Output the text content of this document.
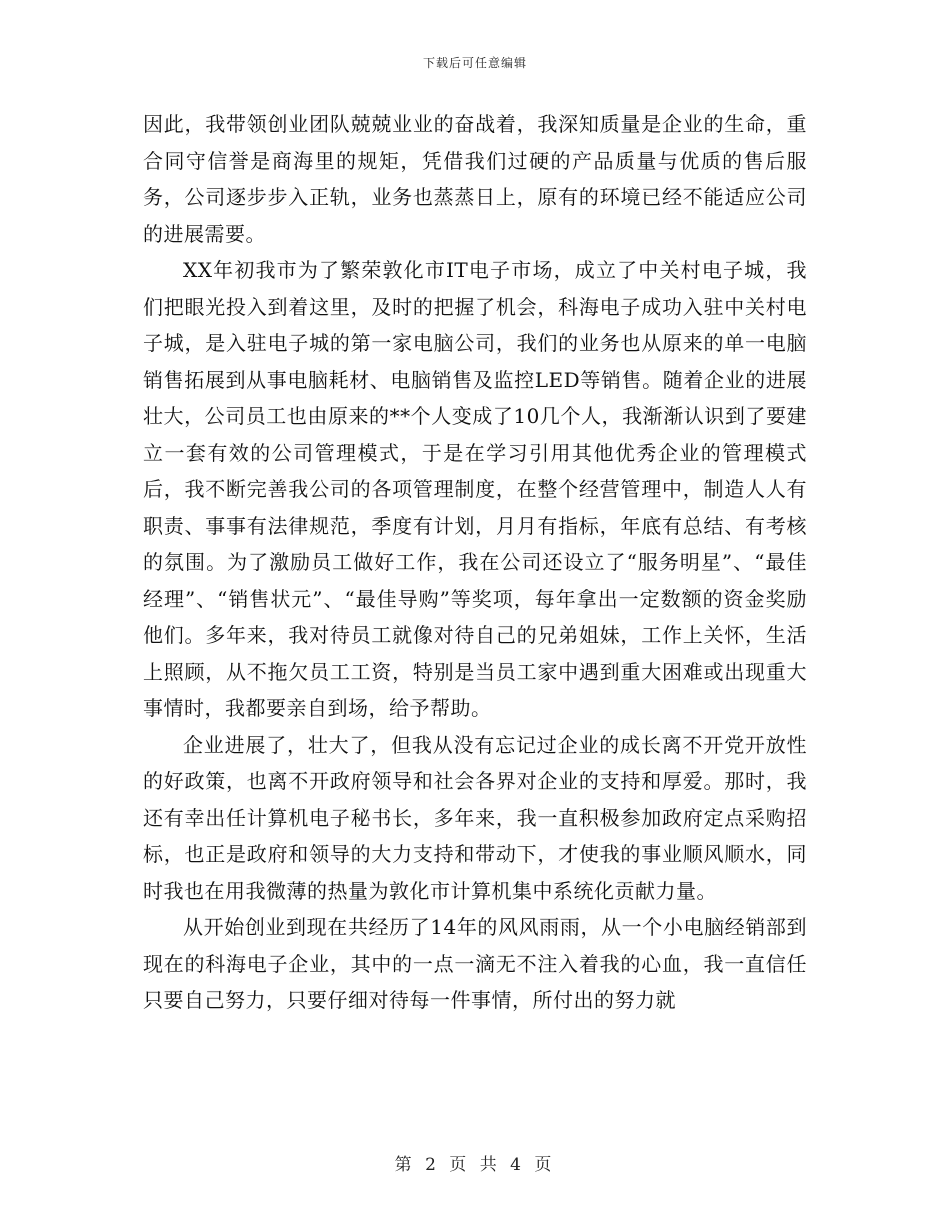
下载后可任意编辑

因此，我带领创业团队兢兢业业的奋战着，我深知质量是企业的生命，重合同守信誉是商海里的规矩，凭借我们过硬的产品质量与优质的售后服务，公司逐步步入正轨，业务也蒸蒸日上，原有的环境已经不能适应公司的进展需要。

XX年初我市为了繁荣敦化市IT电子市场，成立了中关村电子城，我们把眼光投入到着这里，及时的把握了机会，科海电子成功入驻中关村电子城，是入驻电子城的第一家电脑公司，我们的业务也从原来的单一电脑销售拓展到从事电脑耗材、电脑销售及监控LED等销售。随着企业的进展壮大，公司员工也由原来的**个人变成了10几个人，我渐渐认识到了要建立一套有效的公司管理模式，于是在学习引用其他优秀企业的管理模式后，我不断完善我公司的各项管理制度，在整个经营管理中，制造人人有职责、事事有法律规范，季度有计划，月月有指标，年底有总结、有考核的氛围。为了激励员工做好工作，我在公司还设立了“服务明星”、“最佳经理”、“销售状元”、“最佳导购”等奖项，每年拿出一定数额的资金奖励他们。多年来，我对待员工就像对待自己的兄弟姐妹，工作上关怀，生活上照顾，从不拖欠员工工资，特别是当员工家中遇到重大困难或出现重大事情时，我都要亲自到场，给予帮助。

企业进展了，壮大了，但我从没有忘记过企业的成长离不开党开放性的好政策，也离不开政府领导和社会各界对企业的支持和厚爱。那时，我还有幸出任计算机电子秘书长，多年来，我一直积极参加政府定点采购招标，也正是政府和领导的大力支持和带动下，才使我的事业顺风顺水，同时我也在用我微薄的热量为敦化市计算机集中系统化贡献力量。

从开始创业到现在共经历了14年的风风雨雨，从一个小电脑经销部到现在的科海电子企业，其中的一点一滴无不注入着我的心血，我一直信任只要自己努力，只要仔细对待每一件事情，所付出的努力就

第 2 页 共 4 页
